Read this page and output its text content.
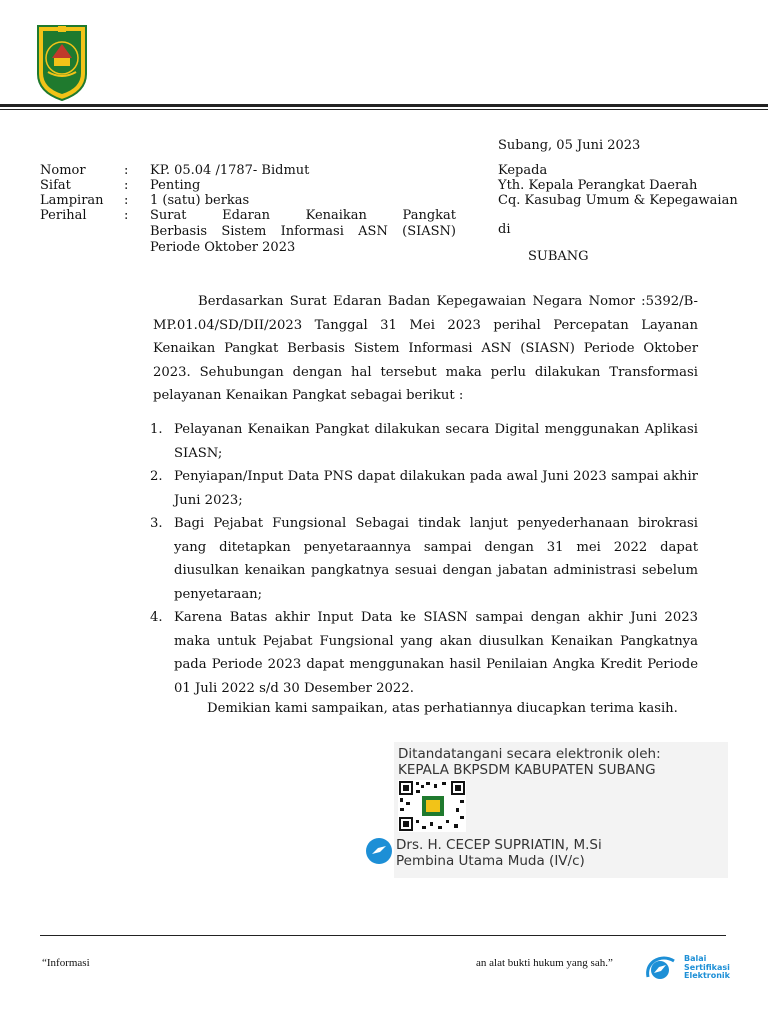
Subang, 05 Juni 2023
Nomor	:	KP. 05.04 /1787- Bidmut
Sifat	:	Penting
Lampiran	:	1 (satu) berkas
Perihal	:	Surat Edaran Kenaikan Pangkat
Berbasis Sistem Informasi ASN (SIASN)
Periode Oktober 2023
Kepada
Yth. Kepala Perangkat Daerah
Cq. Kasubag Umum & Kepegawaian
di
SUBANG
Berdasarkan Surat Edaran Badan Kepegawaian Negara Nomor :5392/B-MP.01.04/SD/DII/2023 Tanggal 31 Mei 2023 perihal Percepatan Layanan Kenaikan Pangkat Berbasis Sistem Informasi ASN (SIASN) Periode Oktober 2023. Sehubungan dengan hal tersebut maka perlu dilakukan Transformasi pelayanan Kenaikan Pangkat sebagai berikut :
1. Pelayanan Kenaikan Pangkat dilakukan secara Digital menggunakan Aplikasi SIASN;
2. Penyiapan/Input Data PNS dapat dilakukan pada awal Juni 2023 sampai akhir Juni 2023;
3. Bagi Pejabat Fungsional Sebagai tindak lanjut penyederhanaan birokrasi yang ditetapkan penyetaraannya sampai dengan 31 mei 2022 dapat diusulkan kenaikan pangkatnya sesuai dengan jabatan administrasi sebelum penyetaraan;
4. Karena Batas akhir Input Data ke SIASN sampai dengan akhir Juni 2023 maka untuk Pejabat Fungsional yang akan diusulkan Kenaikan Pangkatnya pada Periode 2023 dapat menggunakan hasil Penilaian Angka Kredit Periode 01 Juli 2022 s/d 30 Desember 2022.
Demikian kami sampaikan, atas perhatiannya diucapkan terima kasih.
Ditandatangani secara elektronik oleh:
KEPALA BKPSDM KABUPATEN SUBANG
Drs. H. CECEP SUPRIATIN, M.Si
Pembina Utama Muda (IV/c)
“Informasi	an alat bukti hukum yang sah.”	Balai
Sertifikasi
Elektronik
